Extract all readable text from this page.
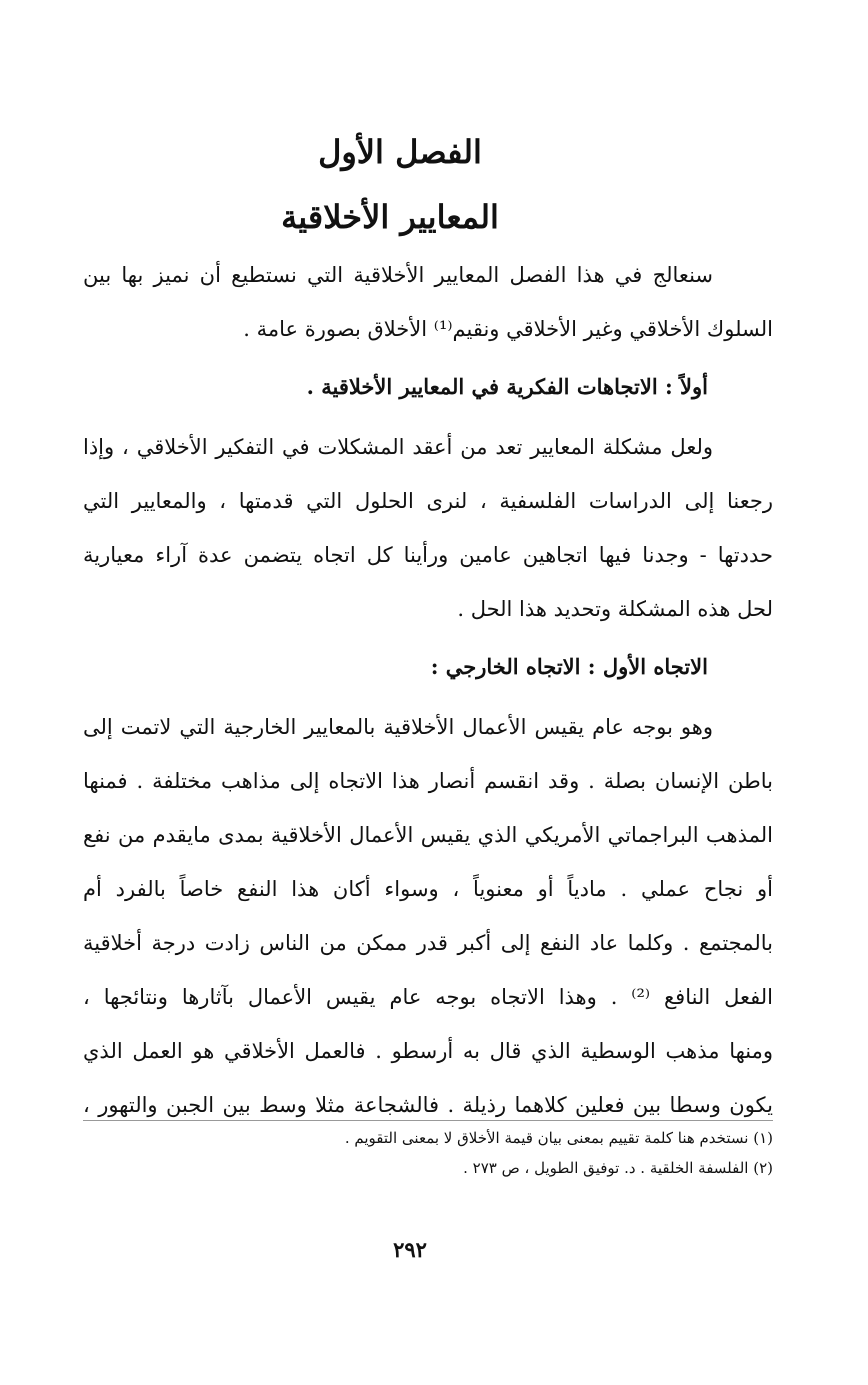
الفصل الأول
المعايير الأخلاقية
سنعالج في هذا الفصل المعايير الأخلاقية التي نستطيع أن نميز بها بين
السلوك الأخلاقي وغير الأخلاقي ونقيم⁽¹⁾ الأخلاق بصورة عامة .
أولاً : الاتجاهات الفكرية في المعايير الأخلاقية .
ولعل مشكلة المعايير تعد من أعقد المشكلات في التفكير الأخلاقي ، وإذا
رجعنا إلى الدراسات الفلسفية ، لنرى الحلول التي قدمتها ، والمعايير التي
حددتها - وجدنا فيها اتجاهين عامين ورأينا كل اتجاه يتضمن عدة آراء معيارية
لحل هذه المشكلة وتحديد هذا الحل .
الاتجاه الأول : الاتجاه الخارجي :
وهو بوجه عام يقيس الأعمال الأخلاقية بالمعايير الخارجية التي لاتمت إلى
باطن الإنسان بصلة . وقد انقسم أنصار هذا الاتجاه إلى مذاهب مختلفة . فمنها
المذهب البراجماتي الأمريكي الذي يقيس الأعمال الأخلاقية بمدى مايقدم من نفع
أو نجاح عملي . مادياً أو معنوياً ، وسواء أكان هذا النفع خاصاً بالفرد أم
بالمجتمع . وكلما عاد النفع إلى أكبر قدر ممكن من الناس زادت درجة أخلاقية
الفعل النافع ⁽²⁾ . وهذا الاتجاه بوجه عام يقيس الأعمال بآثارها ونتائجها ،
ومنها مذهب الوسطية الذي قال به أرسطو . فالعمل الأخلاقي هو العمل الذي
يكون وسطا بين فعلين كلاهما رذيلة . فالشجاعة مثلا وسط بين الجبن والتهور ،
(١) نستخدم هنا كلمة تقييم بمعنى بيان قيمة الأخلاق لا بمعنى التقويم .
(٢) الفلسفة الخلقية . د. توفيق الطويل ، ص ٢٧٣ .
٢٩٢
